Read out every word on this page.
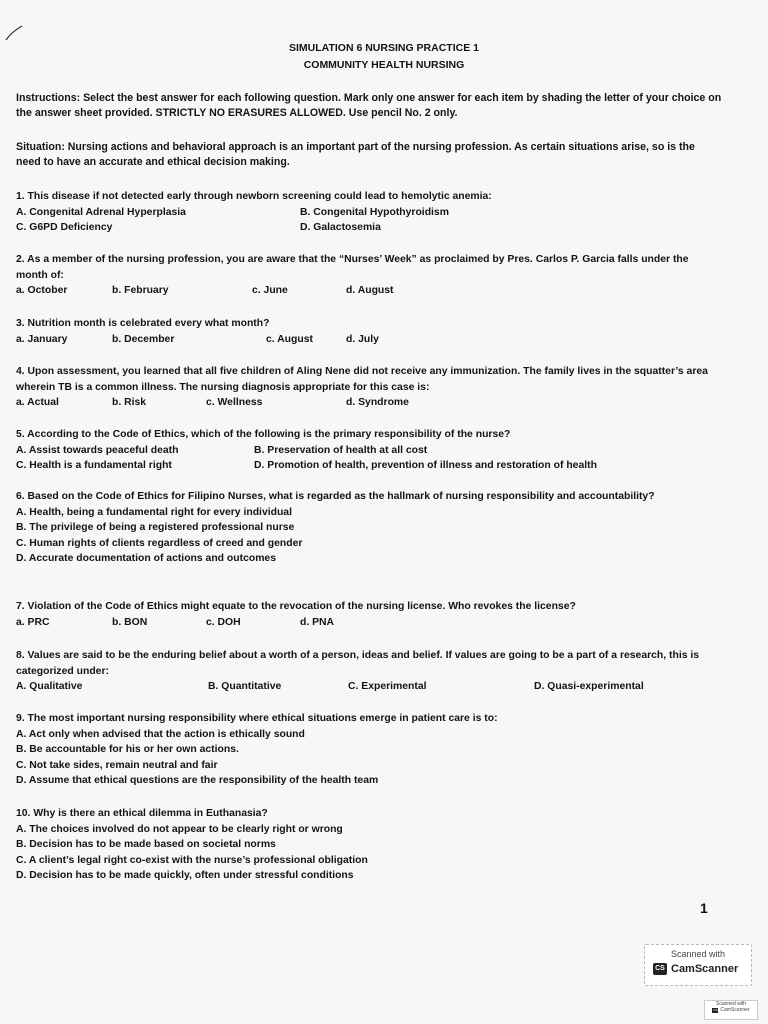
SIMULATION 6 NURSING PRACTICE 1
COMMUNITY HEALTH NURSING
Instructions: Select the best answer for each following question. Mark only one answer for each item by shading the letter of your choice on the answer sheet provided. STRICTLY NO ERASURES ALLOWED. Use pencil No. 2 only.
Situation: Nursing actions and behavioral approach is an important part of the nursing profession. As certain situations arise, so is the need to have an accurate and ethical decision making.
1. This disease if not detected early through newborn screening could lead to hemolytic anemia:
A. Congenital Adrenal Hyperplasia	B. Congenital Hypothyroidism
C. G6PD Deficiency	D. Galactosemia
2. As a member of the nursing profession, you are aware that the “Nurses’ Week” as proclaimed by Pres. Carlos P. Garcia falls under the month of:
a. October	b. February	c. June	d. August
3. Nutrition month is celebrated every what month?
a. January	b. December	c. August	d. July
4. Upon assessment, you learned that all five children of Aling Nene did not receive any immunization. The family lives in the squatter’s area wherein TB is a common illness. The nursing diagnosis appropriate for this case is:
a. Actual	b. Risk	c. Wellness	d. Syndrome
5. According to the Code of Ethics, which of the following is the primary responsibility of the nurse?
A. Assist towards peaceful death	B. Preservation of health at all cost
C. Health is a fundamental right	D. Promotion of health, prevention of illness and restoration of health
6. Based on the Code of Ethics for Filipino Nurses, what is regarded as the hallmark of nursing responsibility and accountability?
A. Health, being a fundamental right for every individual
B. The privilege of being a registered professional nurse
C. Human rights of clients regardless of creed and gender
D. Accurate documentation of actions and outcomes
7. Violation of the Code of Ethics might equate to the revocation of the nursing license. Who revokes the license?
a. PRC	b. BON	c. DOH	d. PNA
8. Values are said to be the enduring belief about a worth of a person, ideas and belief. If values are going to be a part of a research, this is categorized under:
A. Qualitative	B. Quantitative	C. Experimental	D. Quasi-experimental
9. The most important nursing responsibility where ethical situations emerge in patient care is to:
A. Act only when advised that the action is ethically sound
B. Be accountable for his or her own actions.
C. Not take sides, remain neutral and fair
D. Assume that ethical questions are the responsibility of the health team
10. Why is there an ethical dilemma in Euthanasia?
A. The choices involved do not appear to be clearly right or wrong
B. Decision has to be made based on societal norms
C. A client’s legal right co-exist with the nurse’s professional obligation
D. Decision has to be made quickly, often under stressful conditions
1
Scanned with
CS CamScanner
Scanned with
CS CamScanner
